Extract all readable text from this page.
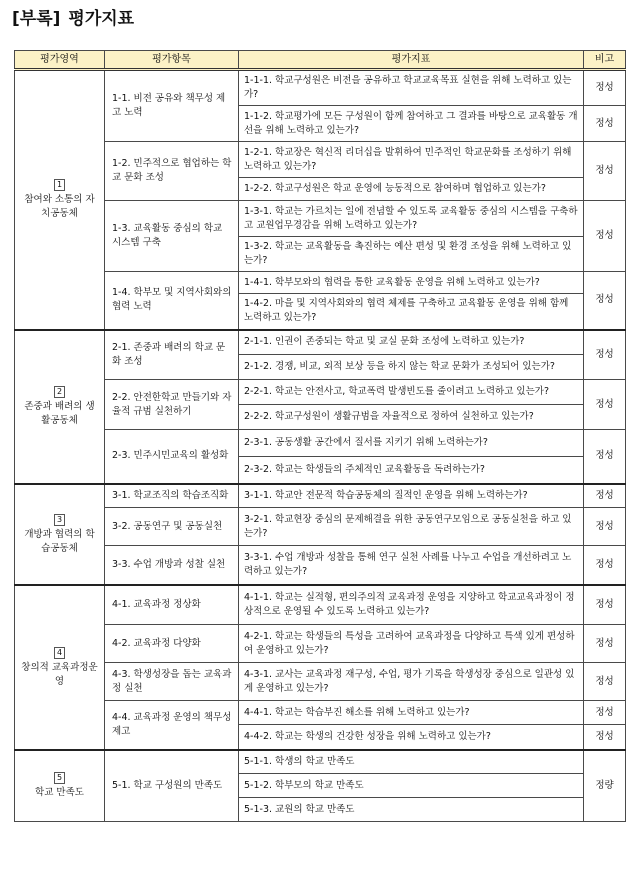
[부록] 평가지표
평가영역	평가항목	평가지표	비고
1
참여와 소통의 자치공동체	1-1. 비전 공유와 책무성 제고 노력	1-1-1. 학교구성원은 비전을 공유하고 학교교육목표 실현을 위해 노력하고 있는가?	정성
		1-1-2. 학교평가에 모든 구성원이 함께 참여하고 그 결과를 바탕으로 교육활동 개선을 위해 노력하고 있는가?	정성
	1-2. 민주적으로 협업하는 학교 문화 조성	1-2-1. 학교장은 혁신적 리더십을 발휘하여 민주적인 학교문화를 조성하기 위해 노력하고 있는가?	정성
		1-2-2. 학교구성원은 학교 운영에 능동적으로 참여하며 협업하고 있는가?	
	1-3. 교육활동 중심의 학교 시스템 구축	1-3-1. 학교는 가르치는 일에 전념할 수 있도록 교육활동 중심의 시스템을 구축하고 교원업무경감을 위해 노력하고 있는가?	정성
		1-3-2. 학교는 교육활동을 촉진하는 예산 편성 및 환경 조성을 위해 노력하고 있는가?	
	1-4. 학부모 및 지역사회와의 협력 노력	1-4-1. 학부모와의 협력을 통한 교육활동 운영을 위해 노력하고 있는가?	정성
		1-4-2. 마을 및 지역사회와의 협력 체제를 구축하고 교육활동 운영을 위해 함께 노력하고 있는가?	
2
존중과 배려의 생활공동체	2-1. 존중과 배려의 학교 문화 조성	2-1-1. 인권이 존중되는 학교 및 교실 문화 조성에 노력하고 있는가?	정성
		2-1-2. 경쟁, 비교, 외적 보상 등을 하지 않는 학교 문화가 조성되어 있는가?	
	2-2. 안전한학교 만들기와 자율적 규범 실천하기	2-2-1. 학교는 안전사고, 학교폭력 발생빈도를 줄이려고 노력하고 있는가?	정성
		2-2-2. 학교구성원이 생활규범을 자율적으로 정하여 실천하고 있는가?	
	2-3. 민주시민교육의 활성화	2-3-1. 공동생활 공간에서 질서를 지키기 위해 노력하는가?	정성
		2-3-2. 학교는 학생들의 주체적인 교육활동을 독려하는가?	
3
개방과 협력의 학습공동체	3-1. 학교조직의 학습조직화	3-1-1. 학교안 전문적 학습공동체의 질적인 운영을 위해 노력하는가?	정성
	3-2. 공동연구 및 공동실천	3-2-1. 학교현장 중심의 문제해결을 위한 공동연구모임으로 공동실천을 하고 있는가?	정성
	3-3. 수업 개방과 성찰 실천	3-3-1. 수업 개방과 성찰을 통해 연구 실천 사례를 나누고 수업을 개선하려고 노력하고 있는가?	정성
4
창의적 교육과정운영	4-1. 교육과정 정상화	4-1-1. 학교는 실적형, 편의주의적 교육과정 운영을 지양하고 학교교육과정이 정상적으로 운영될 수 있도록 노력하고 있는가?	정성
	4-2. 교육과정 다양화	4-2-1. 학교는 학생들의 특성을 고려하여 교육과정을 다양하고 특색 있게 편성하여 운영하고 있는가?	정성
	4-3. 학생성장을 돕는 교육과정 실천	4-3-1. 교사는 교육과정 재구성, 수업, 평가 기록을 학생성장 중심으로 일관성 있게 운영하고 있는가?	정성
	4-4. 교육과정 운영의 책무성 제고	4-4-1. 학교는 학습부진 해소를 위해 노력하고 있는가?	정성
		4-4-2. 학교는 학생의 건강한 성장을 위해 노력하고 있는가?	정성
5
학교 만족도	5-1. 학교 구성원의 만족도	5-1-1. 학생의 학교 만족도	정량
		5-1-2. 학부모의 학교 만족도	
		5-1-3. 교원의 학교 만족도	
